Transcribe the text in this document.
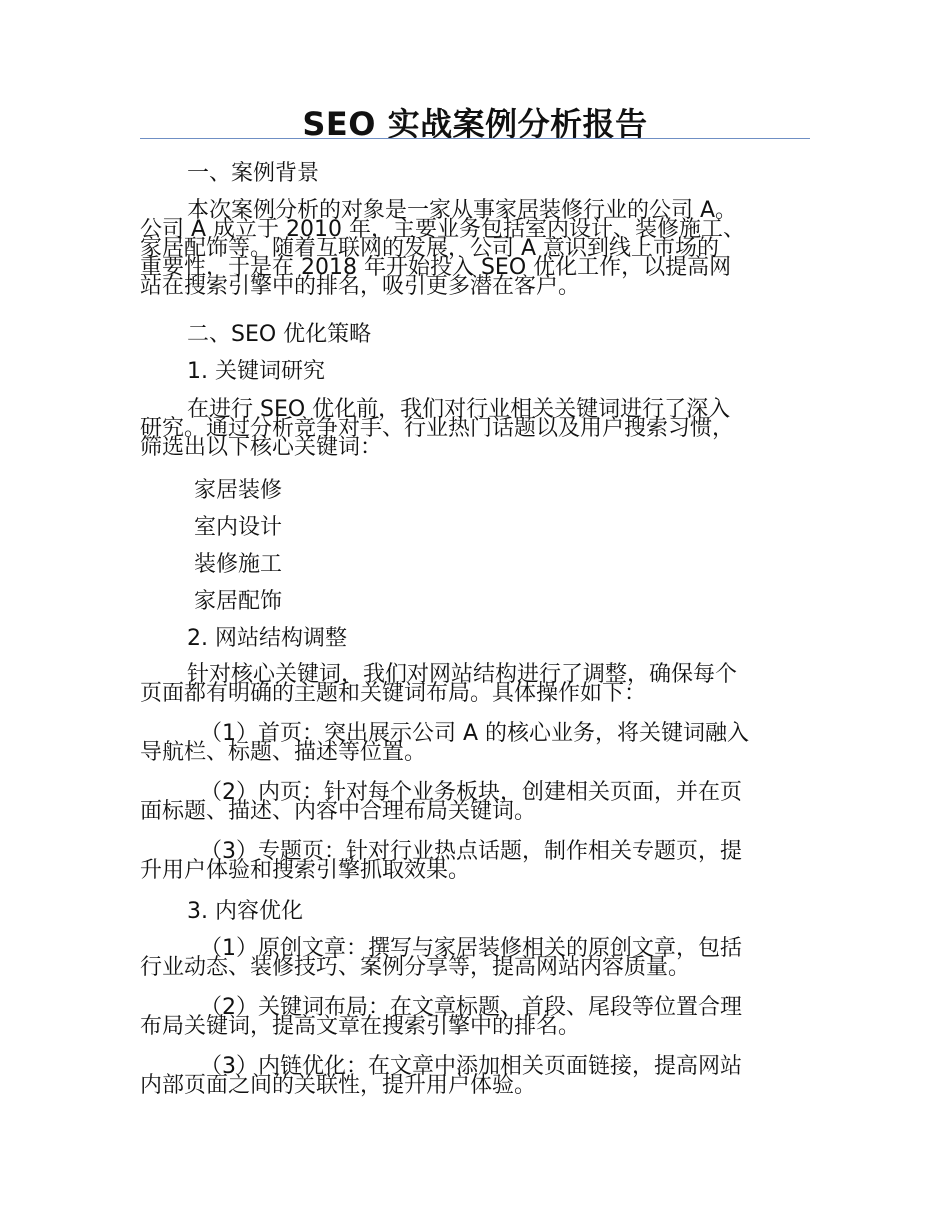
SEO 实战案例分析报告
一、案例背景
本次案例分析的对象是一家从事家居装修行业的公司 A。
公司 A 成立于 2010 年，主要业务包括室内设计、装修施工、
家居配饰等。随着互联网的发展，公司 A 意识到线上市场的
重要性，于是在 2018 年开始投入 SEO 优化工作，以提高网
站在搜索引擎中的排名，吸引更多潜在客户。
二、SEO 优化策略
1. 关键词研究
在进行 SEO 优化前，我们对行业相关关键词进行了深入
研究。通过分析竞争对手、行业热门话题以及用户搜索习惯，
筛选出以下核心关键词：
家居装修
室内设计
装修施工
家居配饰
2. 网站结构调整
针对核心关键词，我们对网站结构进行了调整，确保每个
页面都有明确的主题和关键词布局。具体操作如下：
（1）首页：突出展示公司 A 的核心业务，将关键词融入
导航栏、标题、描述等位置。
（2）内页：针对每个业务板块，创建相关页面，并在页
面标题、描述、内容中合理布局关键词。
（3）专题页：针对行业热点话题，制作相关专题页，提
升用户体验和搜索引擎抓取效果。
3. 内容优化
（1）原创文章：撰写与家居装修相关的原创文章，包括
行业动态、装修技巧、案例分享等，提高网站内容质量。
（2）关键词布局：在文章标题、首段、尾段等位置合理
布局关键词，提高文章在搜索引擎中的排名。
（3）内链优化：在文章中添加相关页面链接，提高网站
内部页面之间的关联性，提升用户体验。
